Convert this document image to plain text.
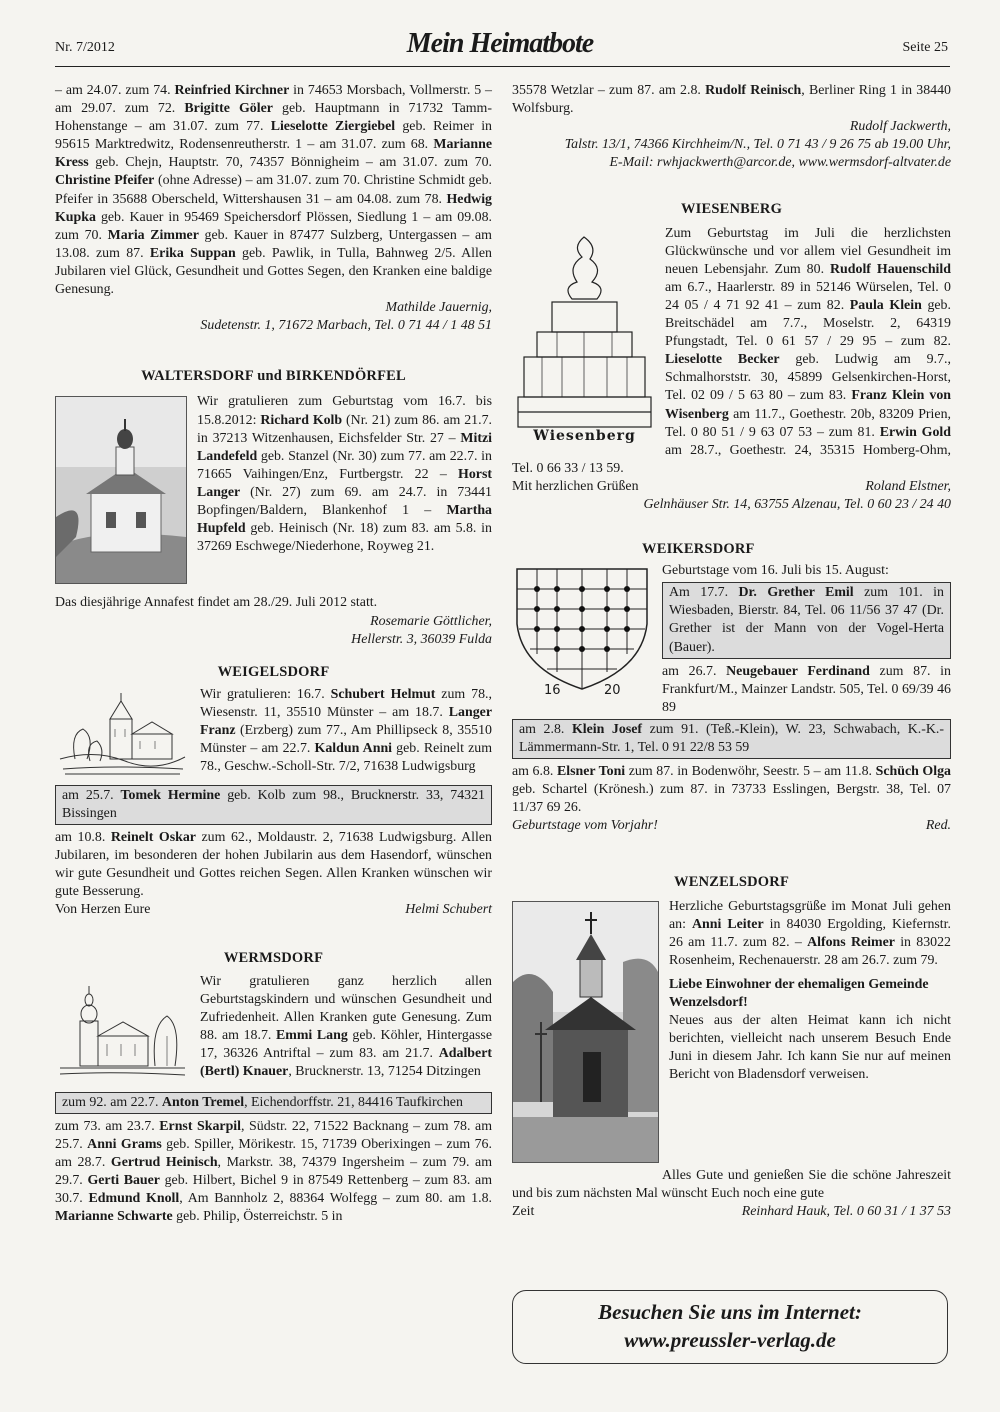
Nr. 7/2012	Mein Heimatbote	Seite 25

– am 24.07. zum 74. Reinfried Kirchner in 74653 Morsbach, Vollmerstr. 5 – am 29.07. zum 72. Brigitte Göler geb. Hauptmann in 71732 Tamm-Hohenstange – am 31.07. zum 77. Lieselotte Ziergiebel geb. Reimer in 95615 Marktredwitz, Rodensenreutherstr. 1 – am 31.07. zum 68. Marianne Kress geb. Chejn, Hauptstr. 70, 74357 Bönnigheim – am 31.07. zum 70. Christine Pfeifer (ohne Adresse) – am 31.07. zum 70. Christine Schmidt geb. Pfeifer in 35688 Oberscheld, Wittershausen 31 – am 04.08. zum 78. Hedwig Kupka geb. Kauer in 95469 Speichersdorf Plössen, Siedlung 1 – am 09.08. zum 70. Maria Zimmer geb. Kauer in 87477 Sulzberg, Untergassen – am 13.08. zum 87. Erika Suppan geb. Pawlik, in Tulla, Bahnweg 2/5. Allen Jubilaren viel Glück, Gesundheit und Gottes Segen, den Kranken eine baldige Genesung.

Mathilde Jauernig,

Sudetenstr. 1, 71672 Marbach, Tel. 0 71 44 / 1 48 51

WALTERSDORF und BIRKENDÖRFEL

Wir gratulieren zum Geburtstag vom 16.7. bis 15.8.2012: Richard Kolb (Nr. 21) zum 86. am 21.7. in 37213 Witzenhausen, Eichsfelder Str. 27 – Mitzi Landefeld geb. Stanzel (Nr. 30) zum 77. am 22.7. in 71665 Vaihingen/Enz, Furtbergstr. 22 – Horst Langer (Nr. 27) zum 69. am 24.7. in 73441 Bopfingen/Baldern, Blankenhof 1 – Martha Hupfeld geb. Heinisch (Nr. 18) zum 83. am 5.8. in 37269 Eschwege/Niederhone, Royweg 21.

Das diesjährige Annafest findet am 28./29. Juli 2012 statt.

Rosemarie Göttlicher,

Hellerstr. 3, 36039 Fulda

WEIGELSDORF

Wir gratulieren: 16.7. Schubert Helmut zum 78., Wiesenstr. 11, 35510 Münster – am 18.7. Langer Franz (Erzberg) zum 77., Am Phillipseck 8, 35510 Münster – am 22.7. Kaldun Anni geb. Reinelt zum 78., Geschw.-Scholl-Str. 7/2, 71638 Ludwigsburg

am 25.7. Tomek Hermine geb. Kolb zum 98., Brucknerstr. 33, 74321 Bissingen

am 10.8. Reinelt Oskar zum 62., Moldaustr. 2, 71638 Ludwigsburg. Allen Jubilaren, im besonderen der hohen Jubilarin aus dem Hasendorf, wünschen wir gute Gesundheit und Gottes reichen Segen. Allen Kranken wünschen wir gute Besserung.

Von Herzen Eure	Helmi Schubert

WERMSDORF

Wir gratulieren ganz herzlich allen Geburtstagskindern und wünschen Gesundheit und Zufriedenheit. Allen Kranken gute Genesung. Zum 88. am 18.7. Emmi Lang geb. Köhler, Hintergasse 17, 36326 Antriftal – zum 83. am 21.7. Adalbert (Bertl) Knauer, Brucknerstr. 13, 71254 Ditzingen

zum 92. am 22.7. Anton Tremel, Eichendorffstr. 21, 84416 Taufkirchen

zum 73. am 23.7. Ernst Skarpil, Südstr. 22, 71522 Backnang – zum 78. am 25.7. Anni Grams geb. Spiller, Mörikestr. 15, 71739 Oberixingen – zum 76. am 28.7. Gertrud Heinisch, Markstr. 38, 74379 Ingersheim – zum 79. am 29.7. Gerti Bauer geb. Hilbert, Bichel 9 in 87549 Rettenberg – zum 83. am 30.7. Edmund Knoll, Am Bannholz 2, 88364 Wolfegg – zum 80. am 1.8. Marianne Schwarte geb. Philip, Österreichstr. 5 in

35578 Wetzlar – zum 87. am 2.8. Rudolf Reinisch, Berliner Ring 1 in 38440 Wolfsburg.

Rudolf Jackwerth,

Talstr. 13/1, 74366 Kirchheim/N., Tel. 0 71 43 / 9 26 75 ab 19.00 Uhr,

E-Mail: rwhjackwerth@arcor.de, www.wermsdorf-altvater.de

WIESENBERG

Wiesenberg

Zum Geburtstag im Juli die herzlichsten Glückwünsche und vor allem viel Gesundheit im neuen Lebensjahr. Zum 80. Rudolf Hauenschild am 6.7., Haarlerstr. 89 in 52146 Würselen, Tel. 0 24 05 / 4 71 92 41 – zum 82. Paula Klein geb. Breitschädel am 7.7., Moselstr. 2, 64319 Pfungstadt, Tel. 0 61 57 / 29 95 – zum 82. Lieselotte Becker geb. Ludwig am 9.7., Schmalhorststr. 30, 45899 Gelsenkirchen-Horst, Tel. 02 09 / 5 63 80 – zum 83. Franz Klein von Wisenberg am 11.7., Goethestr. 20b, 83209 Prien, Tel. 0 80 51 / 9 63 07 53 – zum 81. Erwin Gold am 28.7., Goethestr. 24, 35315 Homberg-Ohm, Tel. 0 66 33 / 13 59.

Mit herzlichen Grüßen	Roland Elstner,

Gelnhäuser Str. 14, 63755 Alzenau, Tel. 0 60 23 / 24 40

WEIKERSDORF

16	20

Geburtstage vom 16. Juli bis 15. August:

Am 17.7. Dr. Grether Emil zum 101. in Wiesbaden, Bierstr. 84, Tel. 06 11/56 37 47 (Dr. Grether ist der Mann von der Vogel-Herta (Bauer).

am 26.7. Neugebauer Ferdinand zum 87. in Frankfurt/M., Mainzer Landstr. 505, Tel. 0 69/39 46 89

am 2.8. Klein Josef zum 91. (Teß.-Klein), W. 23, Schwabach, K.-K.-Lämmermann-Str. 1, Tel. 0 91 22/8 53 59

am 6.8. Elsner Toni zum 87. in Bodenwöhr, Seestr. 5 – am 11.8. Schüch Olga geb. Schartel (Krönesh.) zum 87. in 73733 Esslingen, Bergstr. 38, Tel. 07 11/37 69 26.

Geburtstage vom Vorjahr!	Red.

WENZELSDORF

Herzliche Geburtstagsgrüße im Monat Juli gehen an: Anni Leiter in 84030 Ergolding, Kiefernstr. 26 am 11.7. zum 82. – Alfons Reimer in 83022 Rosenheim, Rechenauerstr. 28 am 26.7. zum 79.

Liebe Einwohner der ehemaligen Gemeinde Wenzelsdorf!

Neues aus der alten Heimat kann ich nicht berichten, vielleicht nach unserem Besuch Ende Juni in diesem Jahr. Ich kann Sie nur auf meinen Bericht von Bladensdorf verweisen.

Alles Gute und genießen Sie die schöne Jahreszeit und bis zum nächsten Mal wünscht Euch noch eine gute

Zeit	Reinhard Hauk, Tel. 0 60 31 / 1 37 53
Besuchen Sie uns im Internet:
www.preussler-verlag.de
